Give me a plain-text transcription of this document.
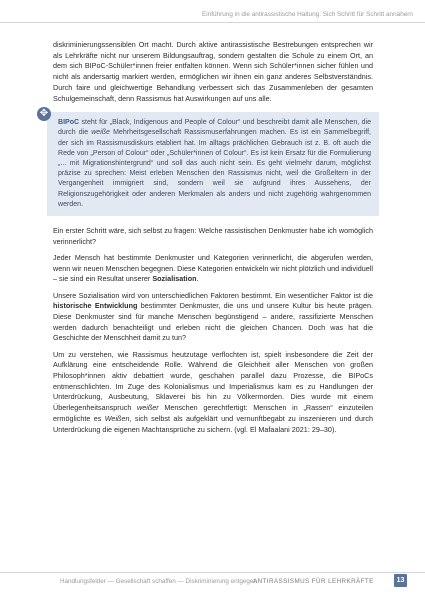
Einführung in die antirassistische Haltung: Sich Schritt für Schritt annähern

diskriminierungssensiblen Ort macht. Durch aktive antirassistische Bestrebungen entsprechen wir als Lehrkräfte nicht nur unserem Bildungsauftrag, sondern gestalten die Schule zu einem Ort, an dem sich BIPoC-Schüler*innen freier entfalten können. Wenn sich Schüler*innen sicher fühlen und nicht als andersartig markiert werden, ermöglichen wir ihnen ein ganz anderes Selbstverständnis. Durch faire und gleichwertige Behandlung verbessert sich das Zusammenleben der gesamten Schulgemeinschaft, denn Rassismus hat Auswirkungen auf uns alle.

✥

BIPoC steht für „Black, Indigenous and People of Colour“ und beschreibt damit alle Menschen, die durch die weiße Mehrheitsgesellschaft Rassismuserfahrungen machen. Es ist ein Sammelbegriff, der sich im Rassismusdiskurs etabliert hat. Im alltags prächlichen Gebrauch ist z. B. oft auch die Rede von „Person of Colour“ oder „Schüler*innen of Colour“. Es ist kein Ersatz für die Formulierung „... mit Migrationshintergrund“ und soll das auch nicht sein. Es geht vielmehr darum, möglichst präzise zu sprechen: Meist erleben Menschen den Rassismus nicht, weil die Großeltern in der Vergangenheit immigriert sind, sondern weil sie aufgrund ihres Aussehens, der Religionszugehörigkeit oder anderen Merkmalen als anders und nicht zugehörig wahrgenommen werden.

Ein erster Schritt wäre, sich selbst zu fragen: Welche rassistischen Denkmuster habe ich womöglich verinnerlicht?

Jeder Mensch hat bestimmte Denkmuster und Kategorien verinnerlicht, die abgerufen werden, wenn wir neuen Menschen begegnen. Diese Kategorien entwickeln wir nicht plötzlich und individuell – sie sind ein Resultat unserer Sozialisation.

Unsere Sozialisation wird von unterschiedlichen Faktoren bestimmt. Ein wesentlicher Faktor ist die historische Entwicklung bestimmter Denkmuster, die uns und unsere Kultur bis heute prägen. Diese Denkmuster sind für manche Menschen begünstigend – andere, rassifizierte Menschen werden dadurch benachteiligt und erleben nicht die gleichen Chancen. Doch was hat die Geschichte der Menschheit damit zu tun?

Um zu verstehen, wie Rassismus heutzutage verflochten ist, spielt insbesondere die Zeit der Aufklärung eine entscheidende Rolle. Während die Gleichheit aller Menschen von großen Philosoph*innen aktiv debattiert wurde, geschahen parallel dazu Prozesse, die BIPoCs entmenschlichten. Im Zuge des Kolonialismus und Imperialismus kam es zu Handlungen der Unterdrückung, Ausbeutung, Sklaverei bis hin zu Völkermorden. Dies wurde mit einem Überlegenheitsanspruch weißer Menschen gerechtfertigt: Menschen in „Rassen“ einzuteilen ermöglichte es Weißen, sich selbst als aufgeklärt und vernunftbegabt zu inszenieren und durch Unterdrückung die eigenen Machtansprüche zu sichern. (vgl. El Mafaalani 2021: 29–30).

Handlungsfelder — Gesellschaft schaffen — Diskriminierung entgegen
ANTIRASSISMUS FÜR LEHRKRÄFTE	13
